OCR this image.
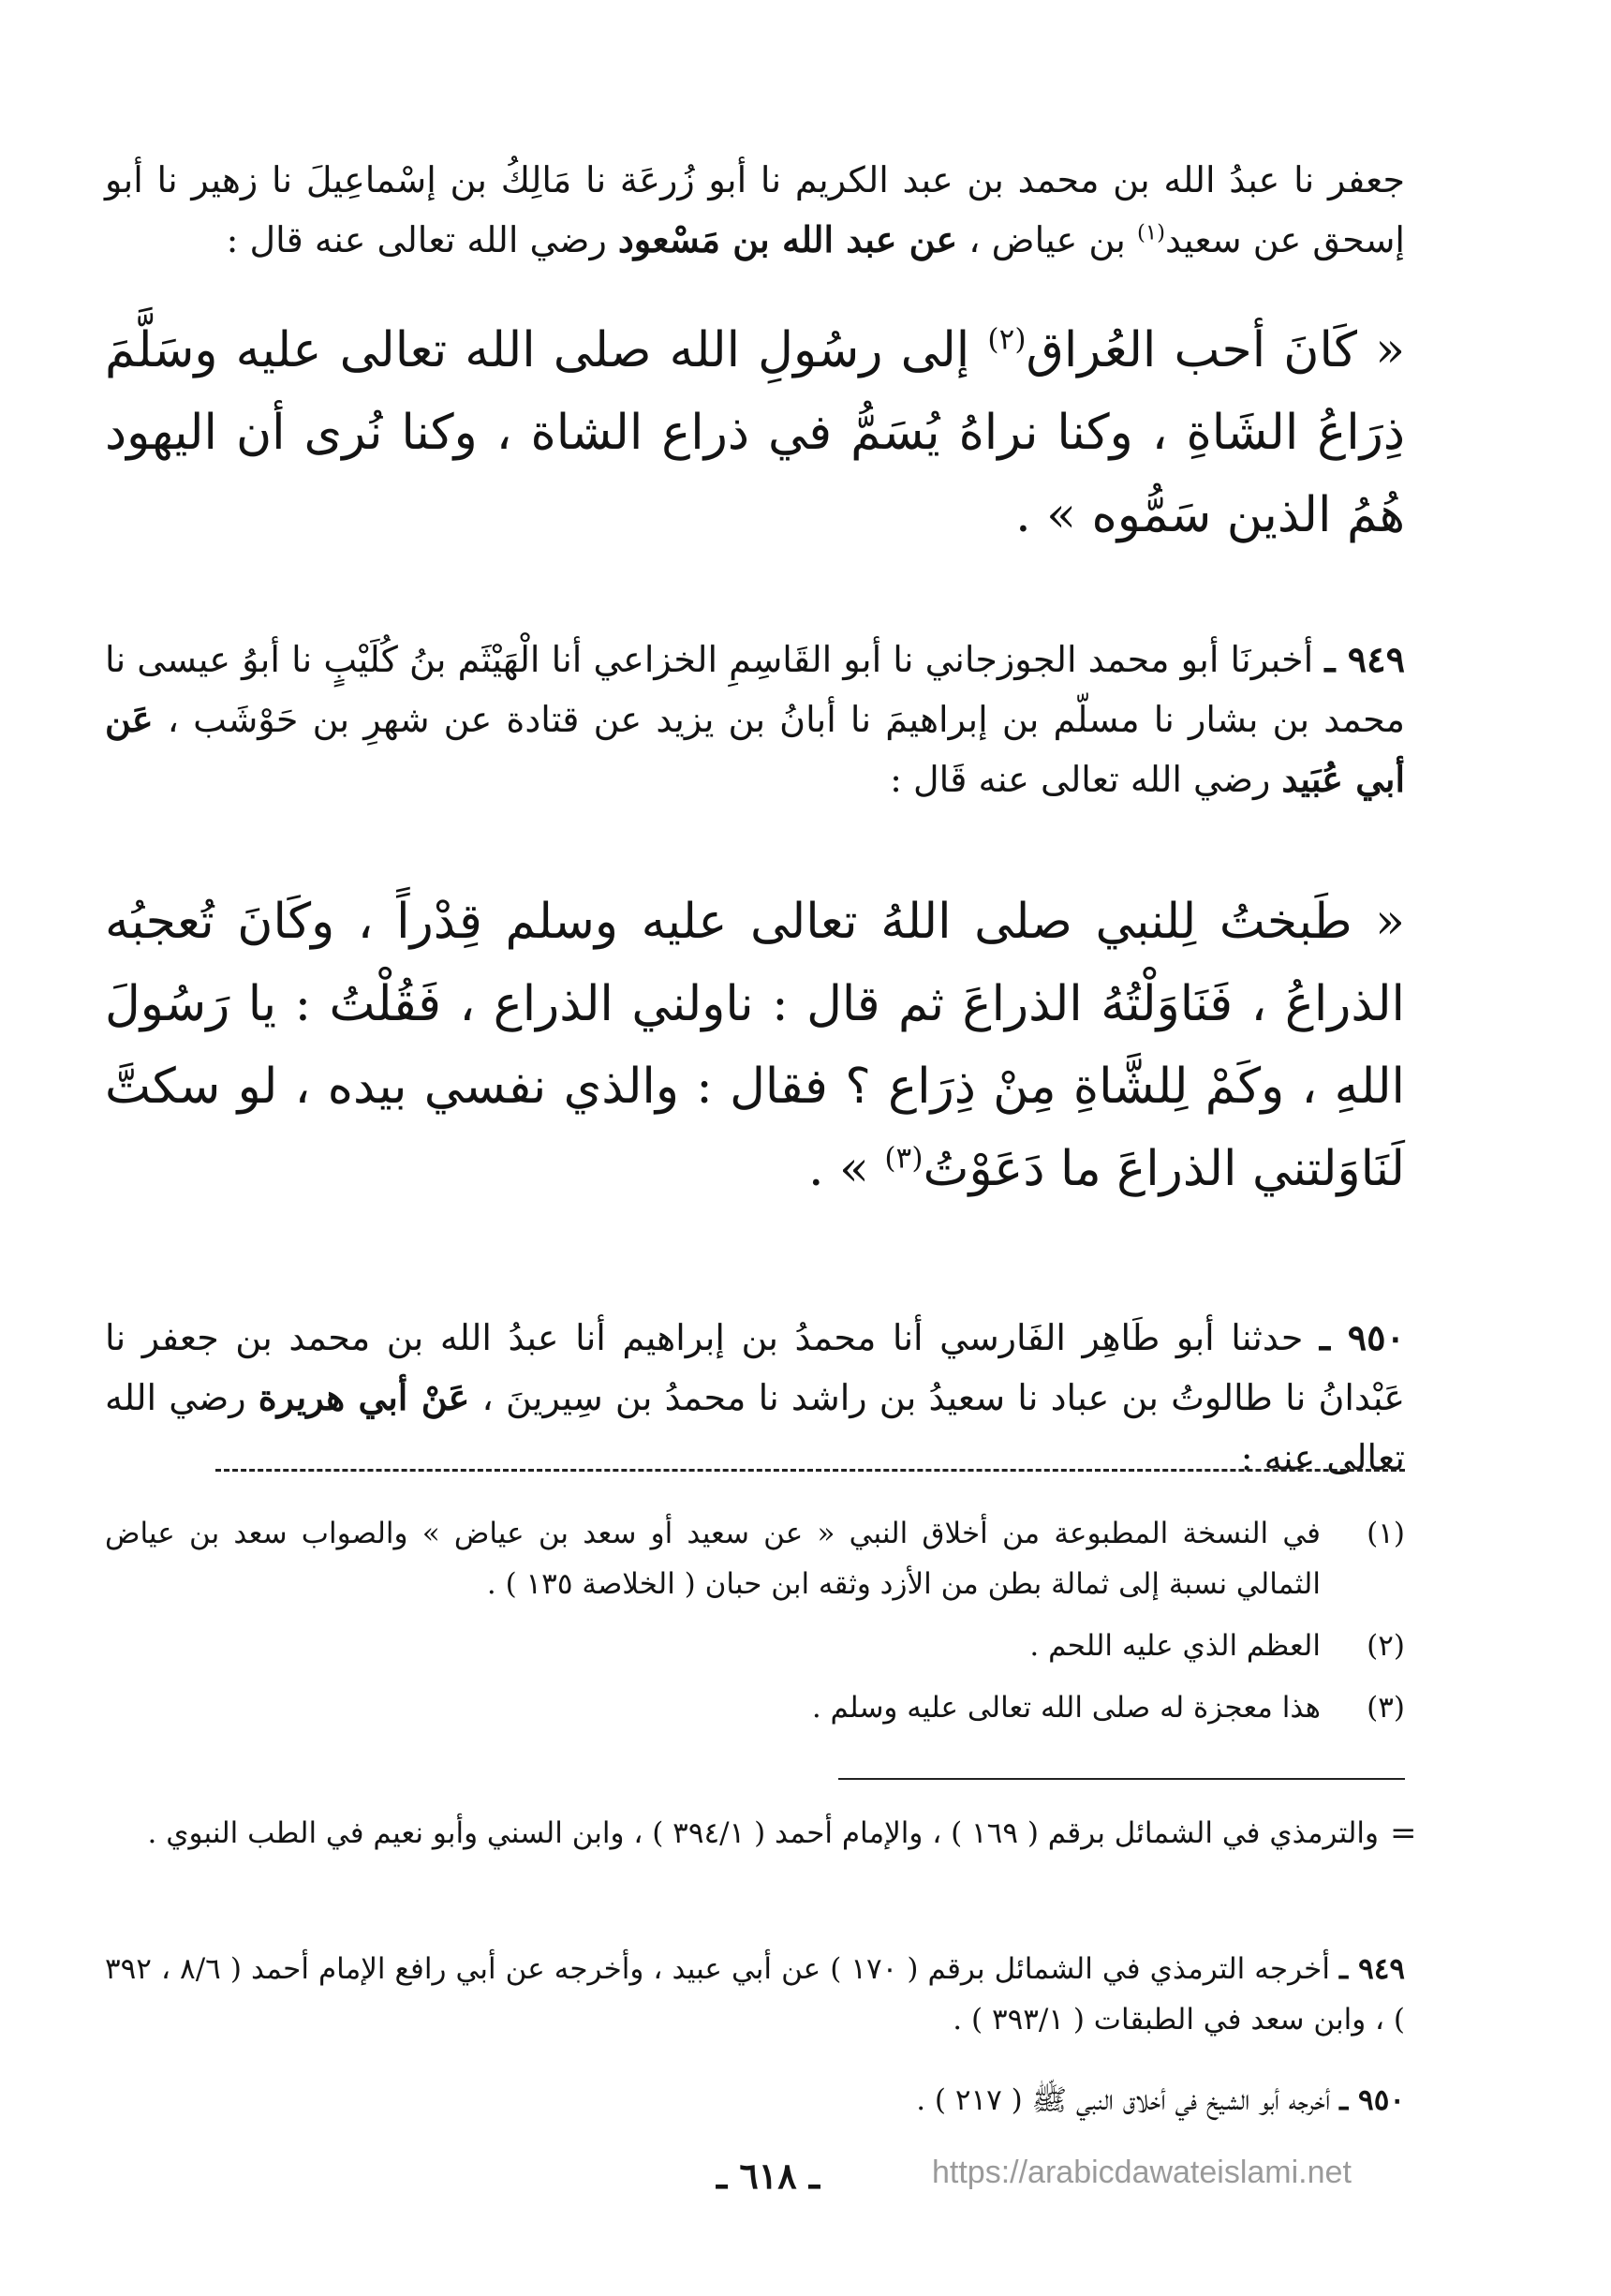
جعفر نا عبدُ الله بن محمد بن عبد الكريم نا أبو زُرعَة نا مَالِكُ بن إسْماعِيلَ نا زهير نا أبو إسحق عن سعيد$^{(١)}$ بن عياض ، عن عبد الله بن مَسْعود رضي الله تعالى عنه قال :
« كَانَ أحب العُراق$^{(٢)}$ إلى رسُولِ الله صلى الله تعالى عليه وسَلَّمَ ذِرَاعُ الشَاةِ ، وكنا نراهُ يُسَمُّ في ذراع الشاة ، وكنا نُرى أن اليهود هُمُ الذين سَمُّوه » .
٩٤٩ ـ أخبرنَا أبو محمد الجوزجاني نا أبو القَاسِمِ الخزاعي أنا الْهَيْثَم بنُ كُلَيْبٍ نا أبوُ عيسى نا محمد بن بشار نا مسلّم بن إبراهيمَ نا أبانُ بن يزيد عن قتادة عن شهرِ بن حَوْشَب ، عَن أبي عُبَيد رضي الله تعالى عنه قَال :
« طَبختُ لِلنبي صلى اللهُ تعالى عليه وسلم قِدْراً ، وكَانَ تُعجبُه الذراعُ ، فَنَاوَلْتُهُ الذراعَ ثم قال : ناولني الذراع ، فَقُلْتُ : يا رَسُولَ اللهِ ، وكَمْ لِلشَّاةِ مِنْ ذِرَاع ؟ فقال : والذي نفسي بيده ، لو سكتَّ لَنَاوَلتني الذراعَ ما دَعَوْتُ$^{(٣)}$ » .
٩٥٠ ـ حدثنا أبو طَاهِر الفَارسي أنا محمدُ بن إبراهيم أنا عبدُ الله بن محمد بن جعفر نا عَبْدانُ نا طالوتُ بن عباد نا سعيدُ بن راشد نا محمدُ بن سِيرينَ ، عَنْ أبي هريرة رضي الله تعالى عنه :
(١)
في النسخة المطبوعة من أخلاق النبي « عن سعيد أو سعد بن عياض » والصواب سعد بن عياض الثمالي نسبة إلى ثمالة بطن من الأزد وثقه ابن حبان ( الخلاصة ١٣٥ ) .
(٢)
العظم الذي عليه اللحم .
(٣)
هذا معجزة له صلى الله تعالى عليه وسلم .
=
والترمذي في الشمائل برقم ( ١٦٩ ) ، والإمام أحمد ( ٣٩٤/١ ) ، وابن السني وأبو نعيم في الطب النبوي .
٩٤٩ ـ أخرجه الترمذي في الشمائل برقم ( ١٧٠ ) عن أبي عبيد ، وأخرجه عن أبي رافع الإمام أحمد ( ٨/٦ ، ٣٩٢ ) ، وابن سعد في الطبقات ( ٣٩٣/١ ) .
٩٥٠ ـ أخرجه أبو الشيخ في أخلاق النبي ﷺ ( ٢١٧ ) .
ـ ٦١٨ ـ	https://arabicdawateislami.net
